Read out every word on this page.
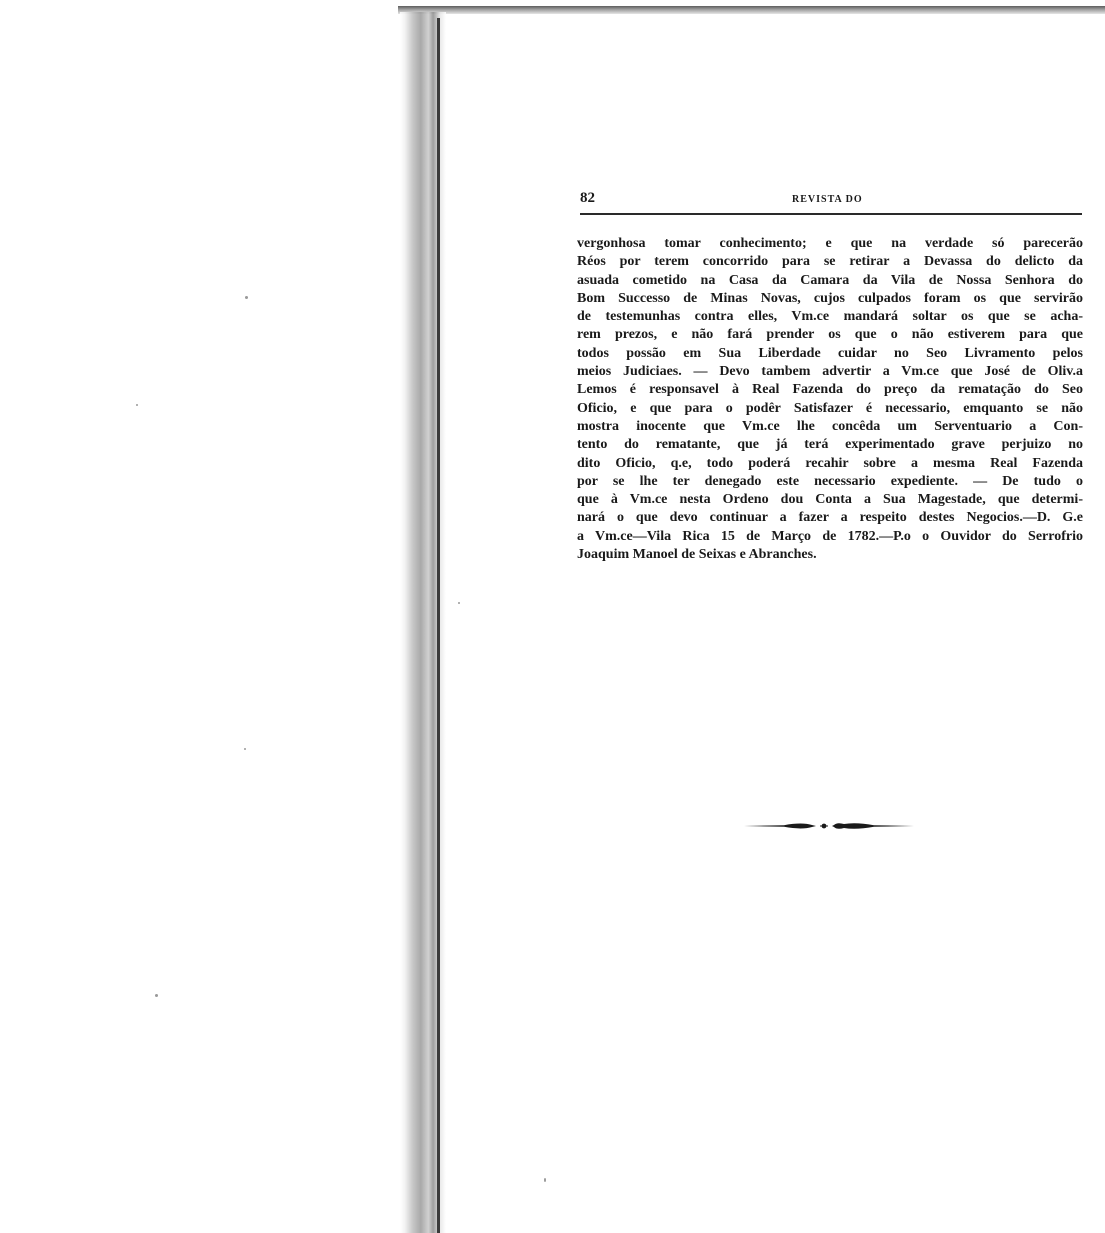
82	REVISTA DO
vergonhosa tomar conhecimento; e que na verdade só parecerão
Réos por terem concorrido para se retirar a Devassa do delicto da
asuada cometido na Casa da Camara da Vila de Nossa Senhora do
Bom Successo de Minas Novas, cujos culpados foram os que servirão
de testemunhas contra elles, Vm.ce mandará soltar os que se acha-
rem prezos, e não fará prender os que o não estiverem para que
todos possão em Sua Liberdade cuidar no Seo Livramento pelos
meios Judiciaes. — Devo tambem advertir a Vm.ce que José de Oliv.a
Lemos é responsavel à Real Fazenda do preço da rematação do Seo
Oficio, e que para o podêr Satisfazer é necessario, emquanto se não
mostra inocente que Vm.ce lhe concêda um Serventuario a Con-
tento do rematante, que já terá experimentado grave perjuizo no
dito Oficio, q.e, todo poderá recahir sobre a mesma Real Fazenda
por se lhe ter denegado este necessario expediente. — De tudo o
que à Vm.ce nesta Ordeno dou Conta a Sua Magestade, que determi-
nará o que devo continuar a fazer a respeito destes Negocios.—D. G.e
a Vm.ce—Vila Rica 15 de Março de 1782.—P.o o Ouvidor do Serrofrio
Joaquim Manoel de Seixas e Abranches.
